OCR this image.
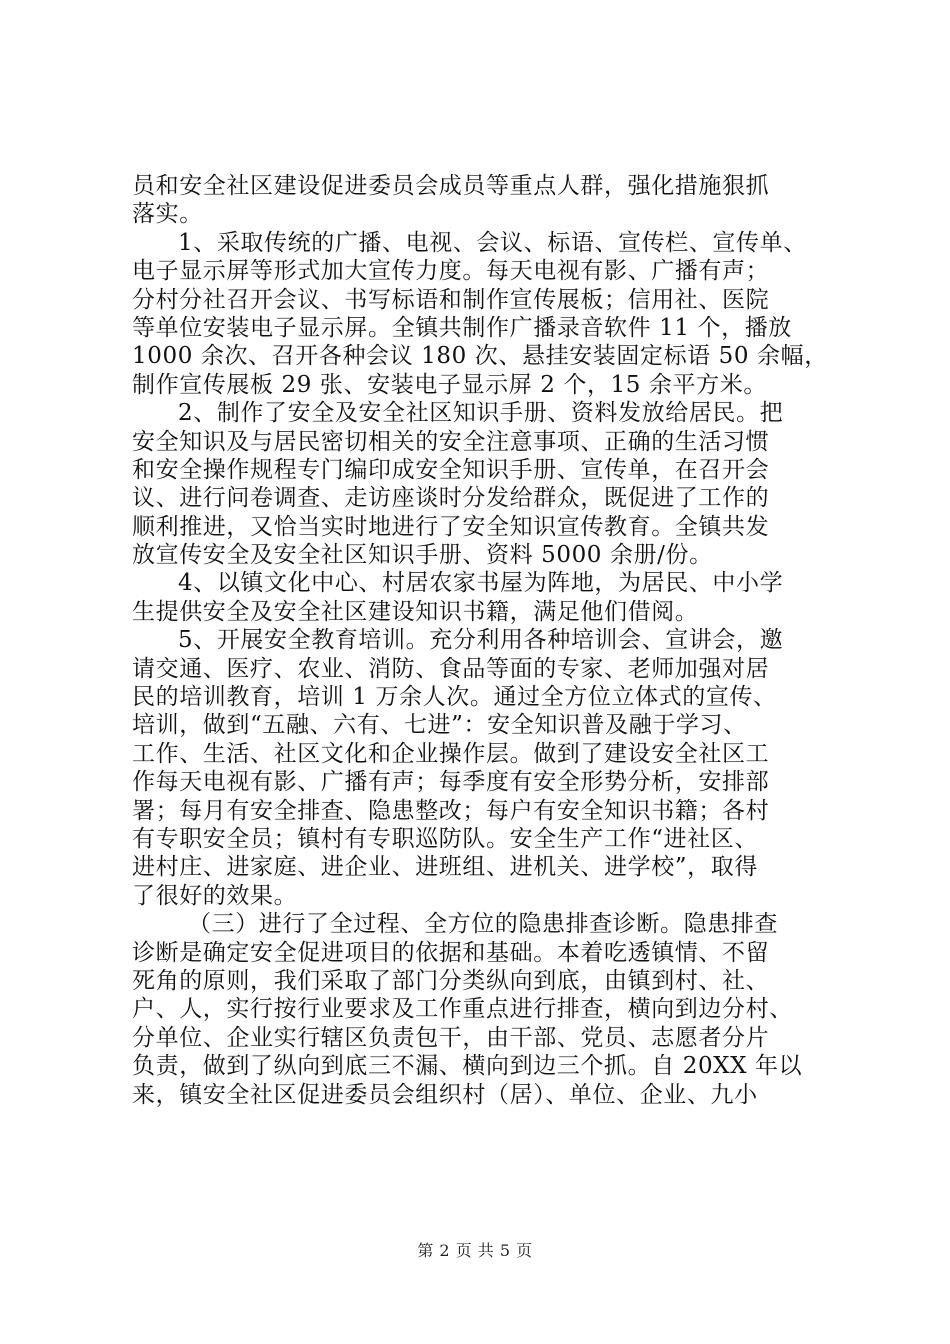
员和安全社区建设促进委员会成员等重点人群，强化措施狠抓
落实。
1、采取传统的广播、电视、会议、标语、宣传栏、宣传单、
电子显示屏等形式加大宣传力度。每天电视有影、广播有声；
分村分社召开会议、书写标语和制作宣传展板；信用社、医院
等单位安装电子显示屏。全镇共制作广播录音软件 11 个，播放
1000 余次、召开各种会议 180 次、悬挂安装固定标语 50 余幅，
制作宣传展板 29 张、安装电子显示屏 2 个，15 余平方米。
2、制作了安全及安全社区知识手册、资料发放给居民。把
安全知识及与居民密切相关的安全注意事项、正确的生活习惯
和安全操作规程专门编印成安全知识手册、宣传单，在召开会
议、进行问卷调查、走访座谈时分发给群众，既促进了工作的
顺利推进，又恰当实时地进行了安全知识宣传教育。全镇共发
放宣传安全及安全社区知识手册、资料 5000 余册/份。
4、以镇文化中心、村居农家书屋为阵地，为居民、中小学
生提供安全及安全社区建设知识书籍，满足他们借阅。
5、开展安全教育培训。充分利用各种培训会、宣讲会，邀
请交通、医疗、农业、消防、食品等面的专家、老师加强对居
民的培训教育，培训 1 万余人次。通过全方位立体式的宣传、
培训，做到“五融、六有、七进”：安全知识普及融于学习、
工作、生活、社区文化和企业操作层。做到了建设安全社区工
作每天电视有影、广播有声；每季度有安全形势分析，安排部
署；每月有安全排查、隐患整改；每户有安全知识书籍；各村
有专职安全员；镇村有专职巡防队。安全生产工作“进社区、
进村庄、进家庭、进企业、进班组、进机关、进学校”，取得
了很好的效果。
（三）进行了全过程、全方位的隐患排查诊断。隐患排查
诊断是确定安全促进项目的依据和基础。本着吃透镇情、不留
死角的原则，我们采取了部门分类纵向到底，由镇到村、社、
户、人，实行按行业要求及工作重点进行排查，横向到边分村、
分单位、企业实行辖区负责包干，由干部、党员、志愿者分片
负责，做到了纵向到底三不漏、横向到边三个抓。自 20XX 年以
来，镇安全社区促进委员会组织村（居）、单位、企业、九小
第 2 页 共 5 页
